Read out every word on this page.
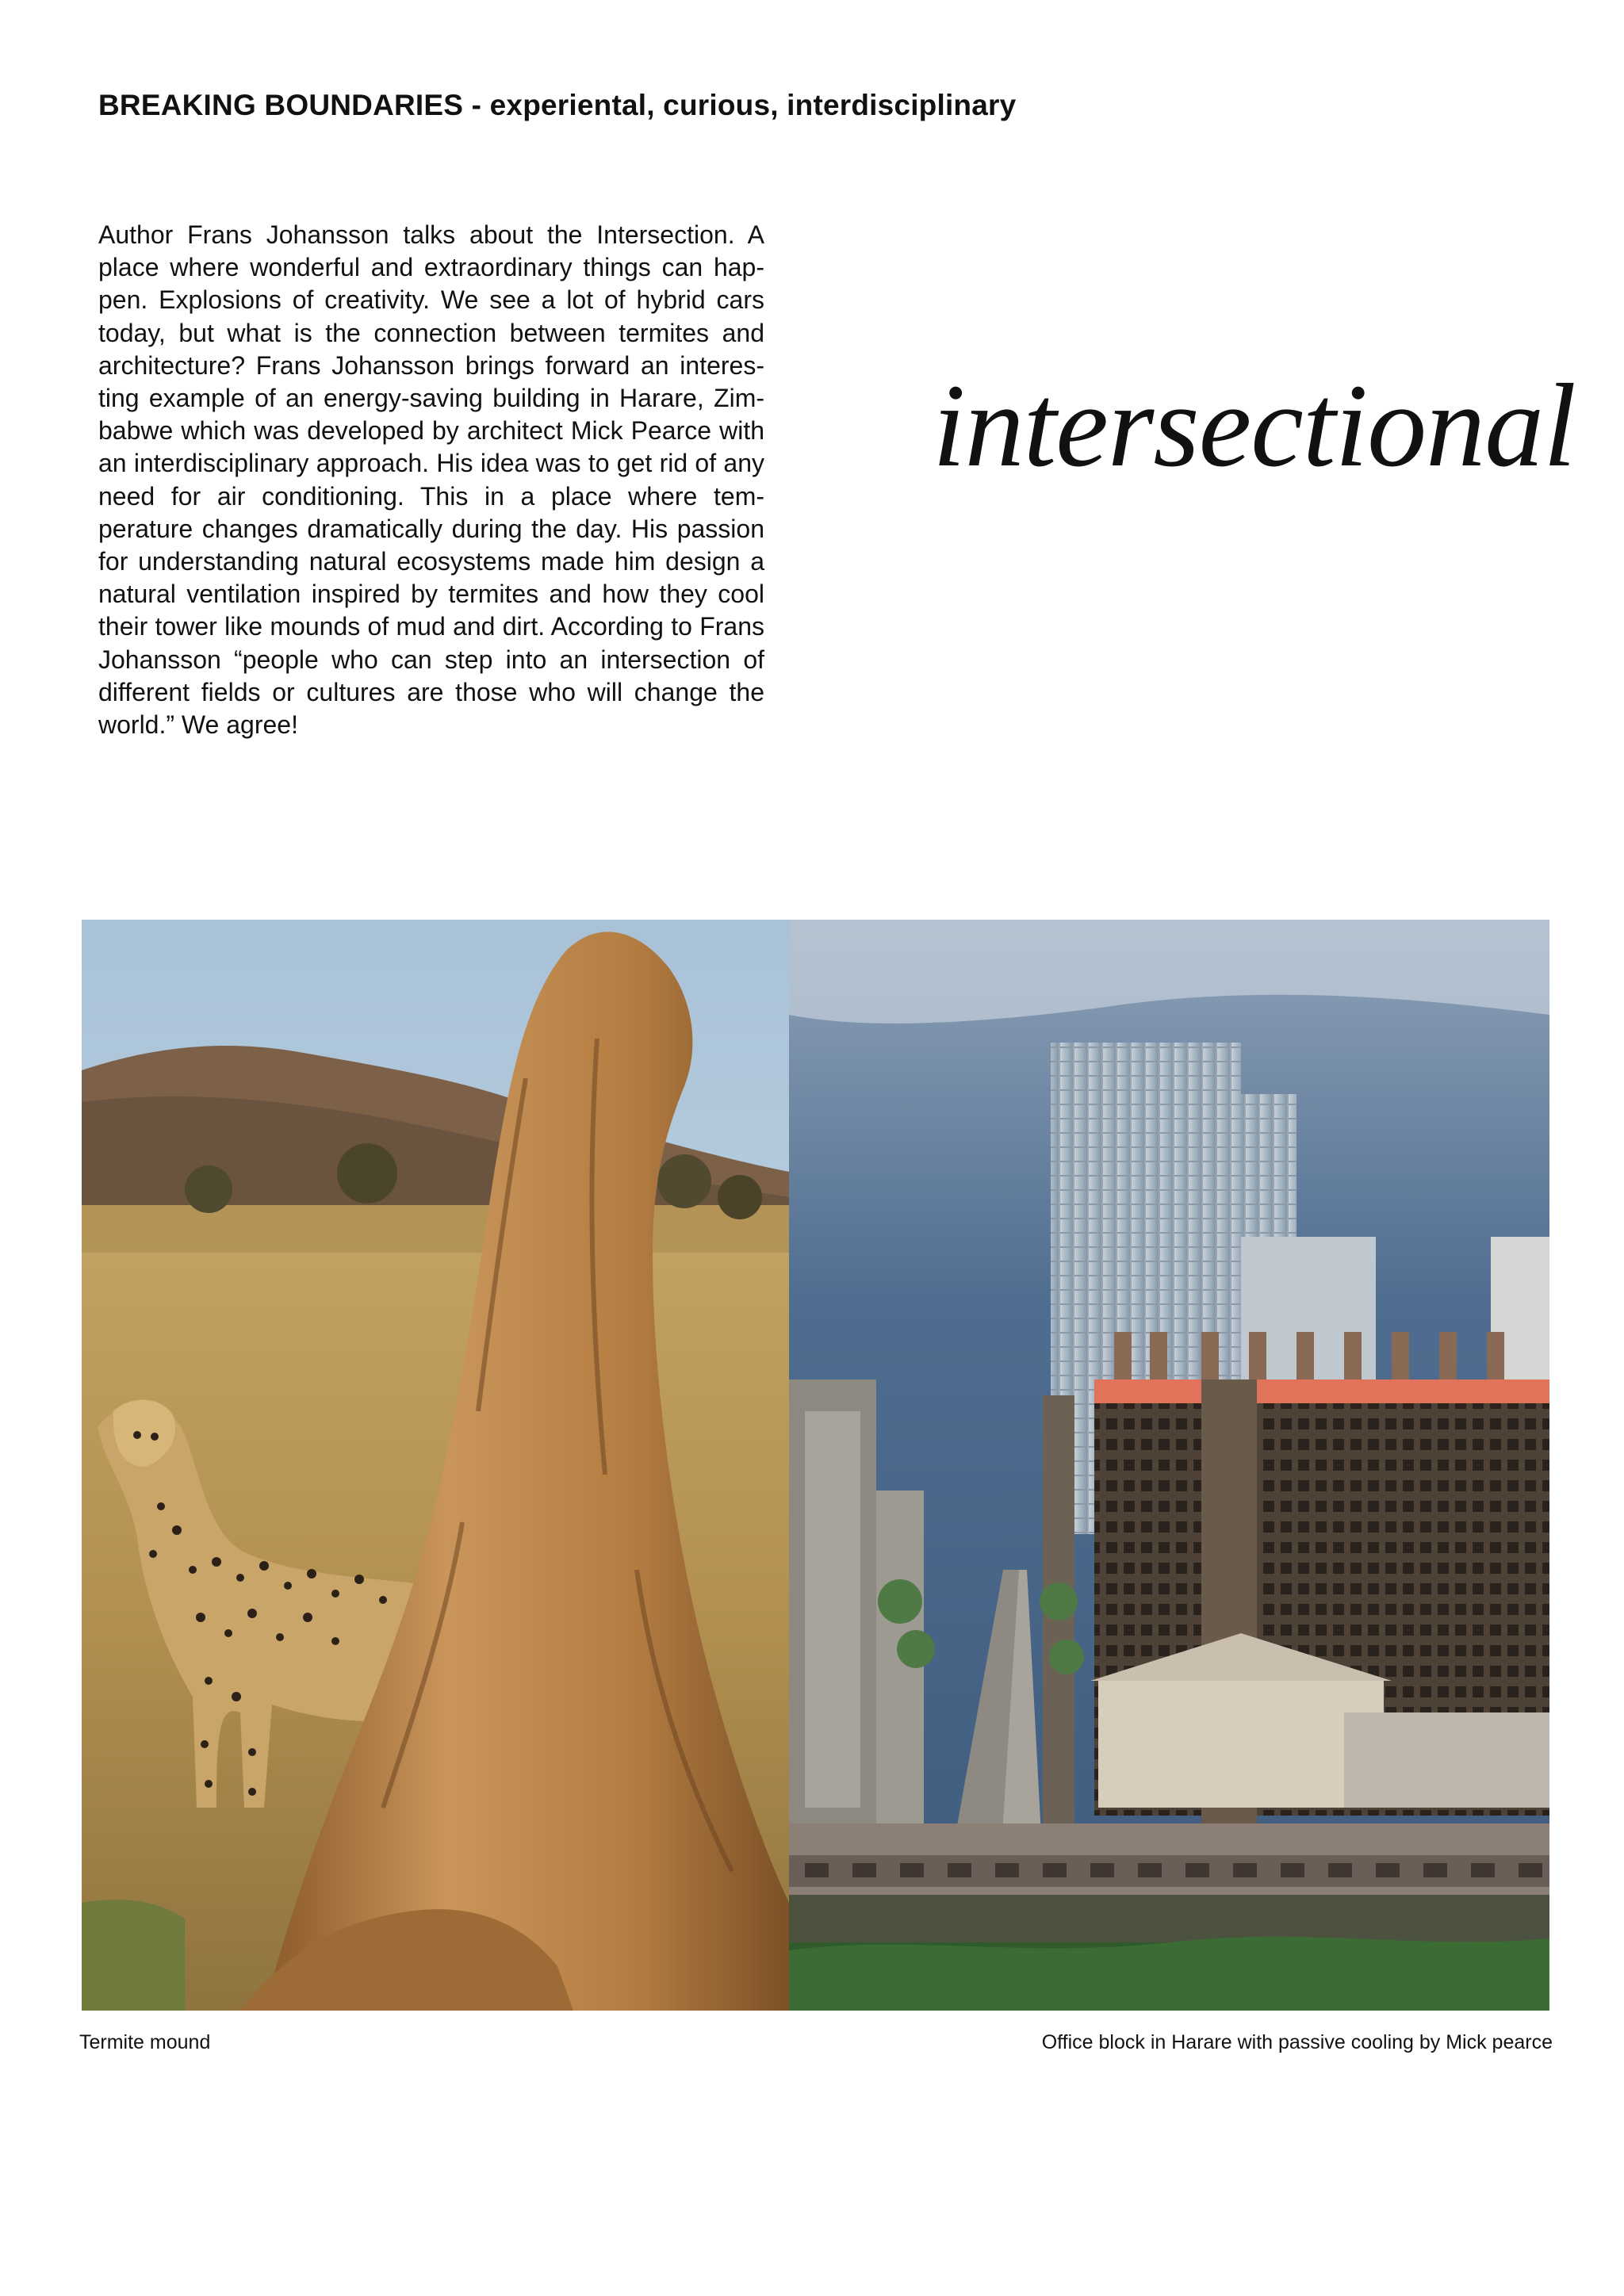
BREAKING BOUNDARIES - experiental, curious, interdisciplinary
Author Frans Johansson talks about the Intersection. A place where wonderful and extraordinary things can happen. Explosions of creativity. We see a lot of hybrid cars today, but what is the connection between termites and architecture? Frans Johansson brings forward an interesting example of an energy-saving building in Harare, Zimbabwe which was developed by architect Mick Pearce with an interdisciplinary approach. His idea was to get rid of any need for air conditioning. This in a place where temperature changes dramatically during the day. His passion for understanding natural ecosystems made him design a natural ventilation inspired by termites and how they cool their tower like mounds of mud and dirt. According to Frans Johansson “people who can step into an intersection of different fields or cultures are those who will change the world.” We agree!
intersectional
Termite mound	Office block in Harare with passive cooling by Mick pearce
